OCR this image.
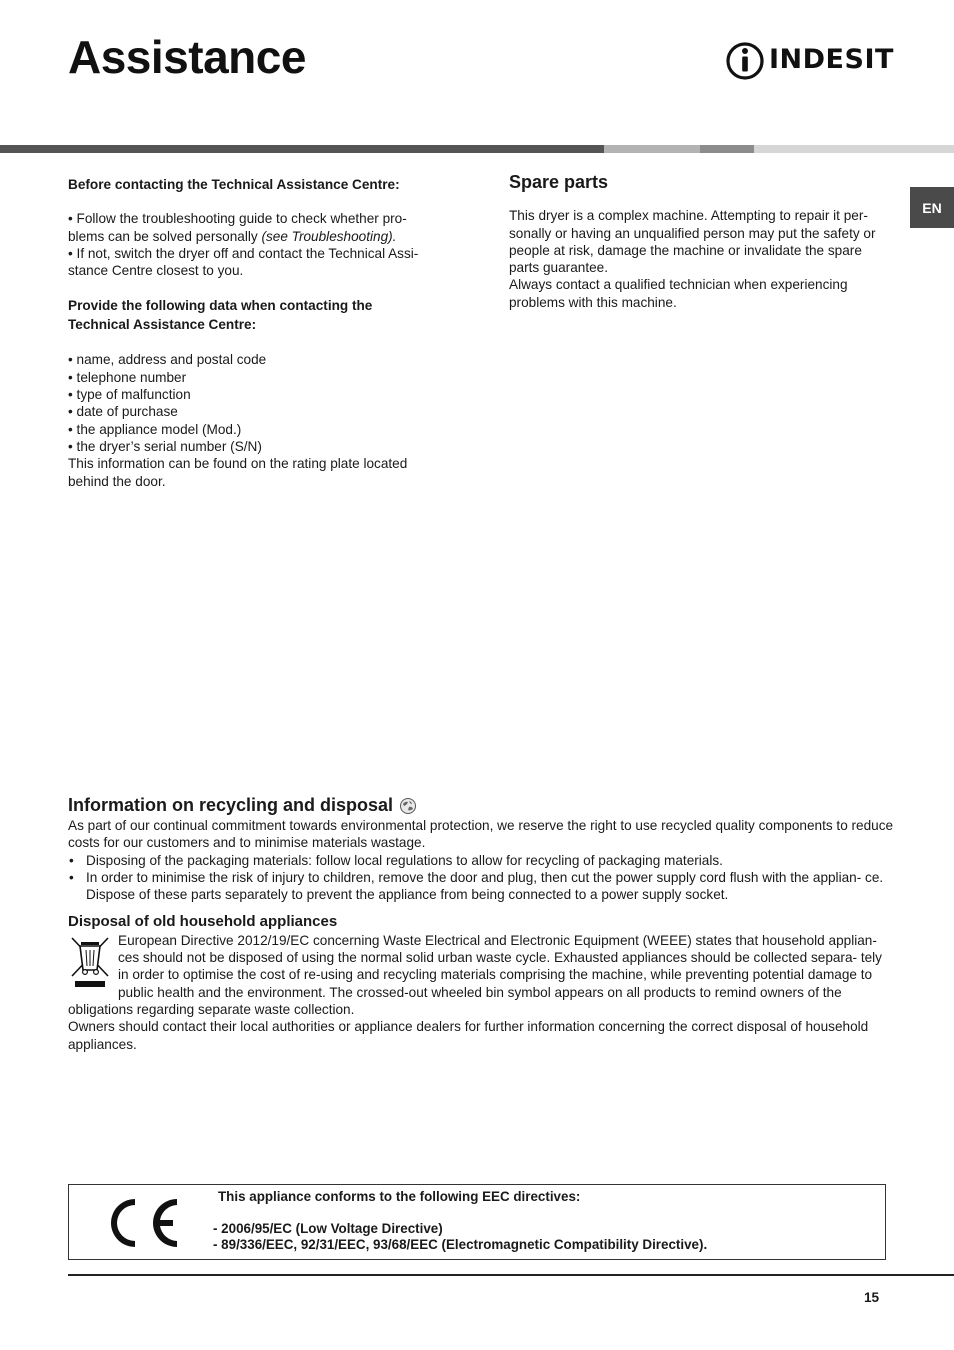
Assistance	INDESIT
EN

Before contacting the Technical Assistance Centre:

• Follow the troubleshooting guide to check whether pro-

blems can be solved personally (see Troubleshooting).

• If not, switch the dryer off and contact the Technical Assi-

stance Centre closest to you.

Provide the following data when contacting the

Technical Assistance Centre:

• name, address and postal code

• telephone number

• type of malfunction

• date of purchase

• the appliance model (Mod.)

• the dryer’s serial number (S/N)

This information can be found on the rating plate located

behind the door.

Spare parts

This dryer is a complex machine. Attempting to repair it per-

sonally or having an unqualified person may put the safety or

people at risk, damage the machine or invalidate the spare

parts guarantee.

Always contact a qualified technician when experiencing

problems with this machine.

Information on recycling and disposal

As part of our continual commitment towards environmental protection, we reserve the right to use recycled quality components to reduce costs for our customers and to minimise materials wastage.

• Disposing of the packaging materials: follow local regulations to allow for recycling of packaging materials.
• In order to minimise the risk of injury to children, remove the door and plug, then cut the power supply cord flush with the applian- ce. Dispose of these parts separately to prevent the appliance from being connected to a power supply socket.

Disposal of old household appliances

European Directive 2012/19/EC concerning Waste Electrical and Electronic Equipment (WEEE) states that household applian- ces should not be disposed of using the normal solid urban waste cycle. Exhausted appliances should be collected separa- tely in order to optimise the cost of re-using and recycling materials comprising the machine, while preventing potential damage to public health and the environment. The crossed-out wheeled bin symbol appears on all products to remind owners of the obligations regarding separate waste collection.

Owners should contact their local authorities or appliance dealers for further information concerning the correct disposal of household appliances.

This appliance conforms to the following EEC directives:

- 2006/95/EC (Low Voltage Directive)

- 89/336/EEC, 92/31/EEC, 93/68/EEC (Electromagnetic Compatibility Directive).

15
